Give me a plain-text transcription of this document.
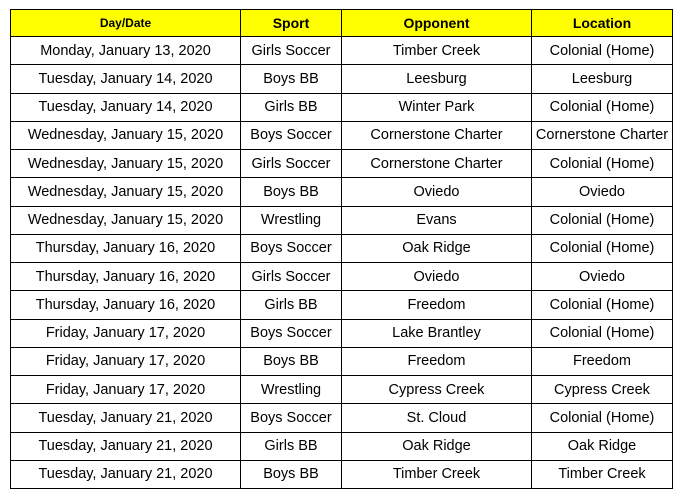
Day/Date	Sport	Opponent	Location
Monday, January 13, 2020	Girls Soccer	Timber Creek	Colonial (Home)
Tuesday, January 14, 2020	Boys BB	Leesburg	Leesburg
Tuesday, January 14, 2020	Girls BB	Winter Park	Colonial (Home)
Wednesday, January 15, 2020	Boys Soccer	Cornerstone Charter	Cornerstone Charter
Wednesday, January 15, 2020	Girls Soccer	Cornerstone Charter	Colonial (Home)
Wednesday, January 15, 2020	Boys BB	Oviedo	Oviedo
Wednesday, January 15, 2020	Wrestling	Evans	Colonial (Home)
Thursday, January 16, 2020	Boys Soccer	Oak Ridge	Colonial (Home)
Thursday, January 16, 2020	Girls Soccer	Oviedo	Oviedo
Thursday, January 16, 2020	Girls BB	Freedom	Colonial (Home)
Friday, January 17, 2020	Boys Soccer	Lake Brantley	Colonial (Home)
Friday, January 17, 2020	Boys BB	Freedom	Freedom
Friday, January 17, 2020	Wrestling	Cypress Creek	Cypress Creek
Tuesday, January 21, 2020	Boys Soccer	St. Cloud	Colonial (Home)
Tuesday, January 21, 2020	Girls BB	Oak Ridge	Oak Ridge
Tuesday, January 21, 2020	Boys BB	Timber Creek	Timber Creek
